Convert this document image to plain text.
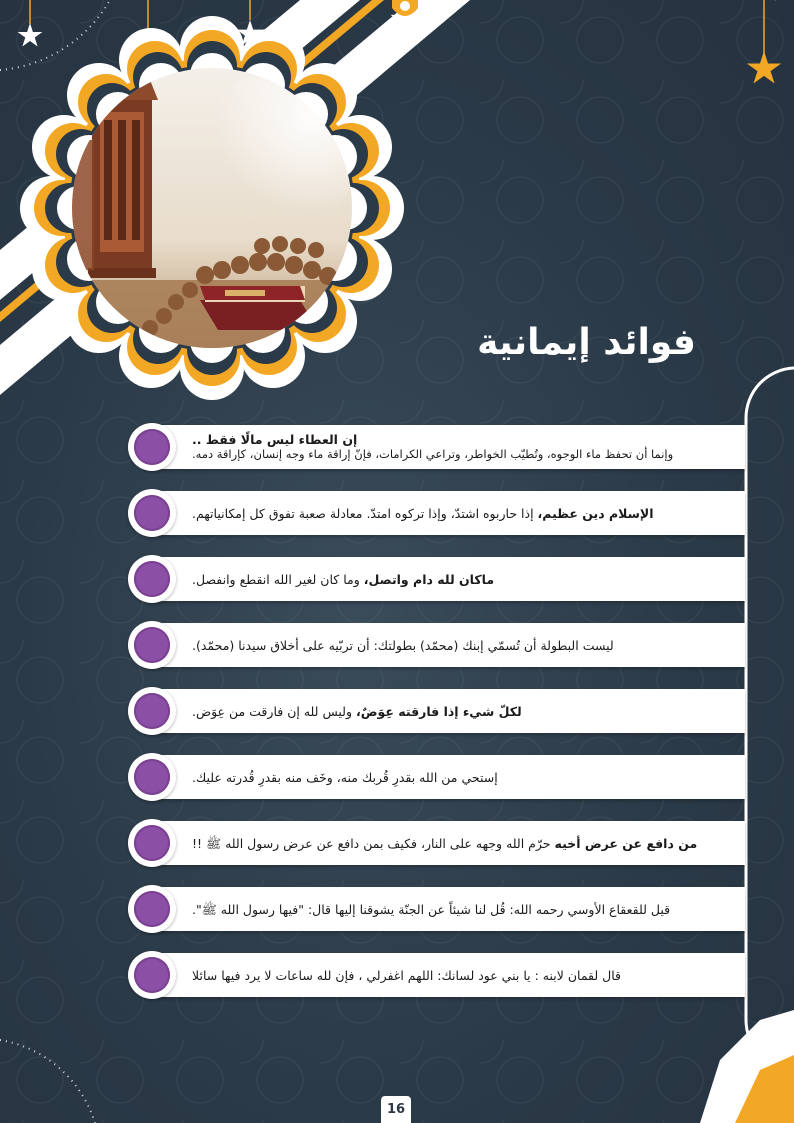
فوائد إيمانية
إن العطاء ليس مالًا فقط ..
وإنما أن تحفظ ماء الوجوه، وتُطيّب الخواطر، وتراعي الكرامات، فإنّ إراقة ماء وجه إنسان، كإراقة دمه.
الإسلام دين عظيم، إذا حاربوه اشتدّ، وإذا تركوه امتدّ. معادلة صعبة تفوق كل إمكانياتهم.
ماكان لله دام واتصل، وما كان لغير الله انقطع وانفصل.
ليست البطولة أن تُسمّي إبنك (محمّد) بطولتك: أن تربّيه على أخلاق سيدنا (محمّد).
لكلّ شيء إذا فارقته عِوَضٌ، وليس لله إن فارقت من عِوَض.
إستحي من الله بقدرِ قُربك منه، وخَف منه بقدرِ قُدرته عليك.
من دافع عن عرض أخيه حرّم الله وجهه على النار، فكيف بمن دافع عن عرض رسول الله ﷺ !!
قيل للقعقاع الأوسي رحمه الله: قُل لنا شيئاً عن الجنّة يشوقنا إليها قال: "فيها رسول الله ﷺ".
قال لقمان لابنه : يا بني عود لسانك: اللهم اغفرلي ، فإن لله ساعات لا يرد فيها سائلا
16
